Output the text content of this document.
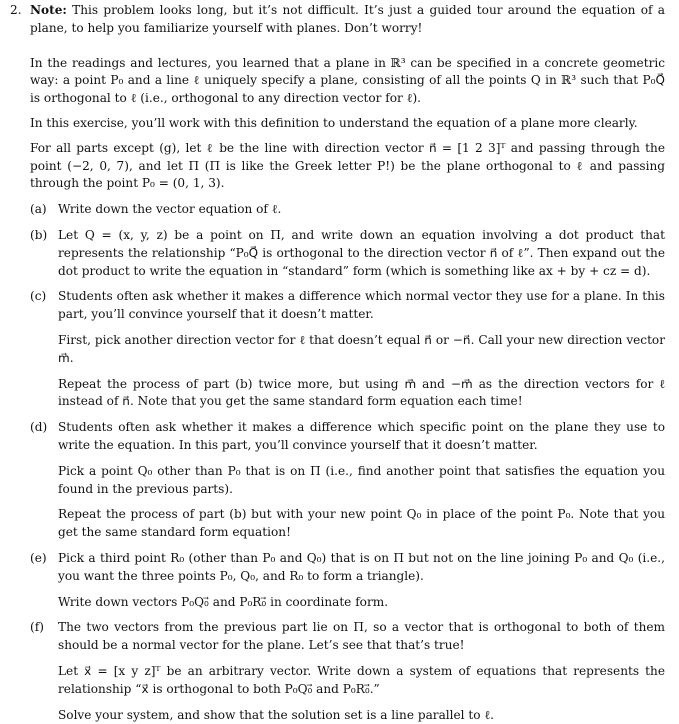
2. Note: This problem looks long, but it’s not difficult. It’s just a guided tour around the equation of a plane, to help you familiarize yourself with planes. Don’t worry!

In the readings and lectures, you learned that a plane in ℝ³ can be specified in a concrete geometric way: a point P₀ and a line ℓ uniquely specify a plane, consisting of all the points Q in ℝ³ such that P₀Q⃗ is orthogonal to ℓ (i.e., orthogonal to any direction vector for ℓ).

In this exercise, you’ll work with this definition to understand the equation of a plane more clearly.

For all parts except (g), let ℓ be the line with direction vector n⃗ = [1 2 3]ᵀ and passing through the point (−2, 0, 7), and let Π (Π is like the Greek letter P!) be the plane orthogonal to ℓ and passing through the point P₀ = (0, 1, 3).

(a) Write down the vector equation of ℓ.

(b) Let Q = (x, y, z) be a point on Π, and write down an equation involving a dot product that represents the relationship “P₀Q⃗ is orthogonal to the direction vector n⃗ of ℓ”. Then expand out the dot product to write the equation in “standard” form (which is something like ax + by + cz = d).

(c) Students often ask whether it makes a difference which normal vector they use for a plane. In this part, you’ll convince yourself that it doesn’t matter.

First, pick another direction vector for ℓ that doesn’t equal n⃗ or −n⃗. Call your new direction vector m⃗.

Repeat the process of part (b) twice more, but using m⃗ and −m⃗ as the direction vectors for ℓ instead of n⃗. Note that you get the same standard form equation each time!

(d) Students often ask whether it makes a difference which specific point on the plane they use to write the equation. In this part, you’ll convince yourself that it doesn’t matter.

Pick a point Q₀ other than P₀ that is on Π (i.e., find another point that satisfies the equation you found in the previous parts).

Repeat the process of part (b) but with your new point Q₀ in place of the point P₀. Note that you get the same standard form equation!

(e) Pick a third point R₀ (other than P₀ and Q₀) that is on Π but not on the line joining P₀ and Q₀ (i.e., you want the three points P₀, Q₀, and R₀ to form a triangle).

Write down vectors P₀Q₀⃗ and P₀R₀⃗ in coordinate form.

(f) The two vectors from the previous part lie on Π, so a vector that is orthogonal to both of them should be a normal vector for the plane. Let’s see that that’s true!

Let x⃗ = [x y z]ᵀ be an arbitrary vector. Write down a system of equations that represents the relationship “x⃗ is orthogonal to both P₀Q₀⃗ and P₀R₀⃗.”

Solve your system, and show that the solution set is a line parallel to ℓ.
